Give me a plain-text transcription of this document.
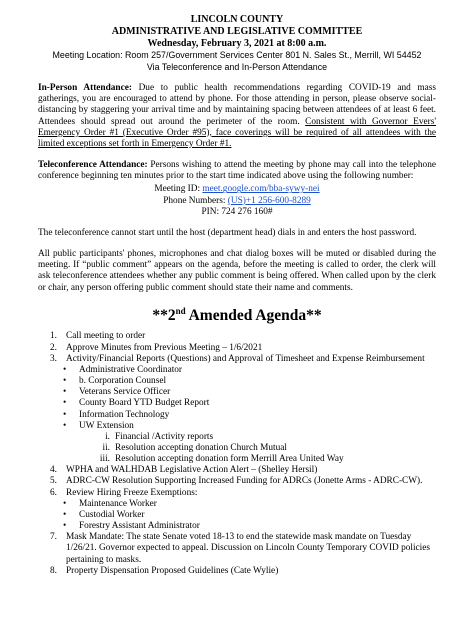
LINCOLN COUNTY
ADMINISTRATIVE AND LEGISLATIVE COMMITTEE
Wednesday, February 3, 2021 at 8:00 a.m.
Meeting Location: Room 257/Government Services Center 801 N. Sales St., Merrill, WI 54452
Via Teleconference and In-Person Attendance
In-Person Attendance: Due to public health recommendations regarding COVID-19 and mass gatherings, you are encouraged to attend by phone. For those attending in person, please observe social-distancing by staggering your arrival time and by maintaining spacing between attendees of at least 6 feet. Attendees should spread out around the perimeter of the room. Consistent with Governor Evers' Emergency Order #1 (Executive Order #95), face coverings will be required of all attendees with the limited exceptions set forth in Emergency Order #1.
Teleconference Attendance: Persons wishing to attend the meeting by phone may call into the telephone conference beginning ten minutes prior to the start time indicated above using the following number:
Meeting ID: meet.google.com/bba-sywy-nei
Phone Numbers: (US)+1 256-600-8289
PIN: 724 276 160#
The teleconference cannot start until the host (department head) dials in and enters the host password.
All public participants' phones, microphones and chat dialog boxes will be muted or disabled during the meeting. If “public comment” appears on the agenda, before the meeting is called to order, the clerk will ask teleconference attendees whether any public comment is being offered. When called upon by the clerk or chair, any person offering public comment should state their name and comments.
**2nd Amended Agenda**
1. Call meeting to order
2. Approve Minutes from Previous Meeting – 1/6/2021
3. Activity/Financial Reports (Questions) and Approval of Timesheet and Expense Reimbursement
• Administrative Coordinator
• b. Corporation Counsel
• Veterans Service Officer
• County Board YTD Budget Report
• Information Technology
• UW Extension
i. Financial /Activity reports
ii. Resolution accepting donation Church Mutual
iii. Resolution accepting donation form Merrill Area United Way
4. WPHA and WALHDAB Legislative Action Alert – (Shelley Hersil)
5. ADRC-CW Resolution Supporting Increased Funding for ADRCs (Jonette Arms - ADRC-CW).
6. Review Hiring Freeze Exemptions:
• Maintenance Worker
• Custodial Worker
• Forestry Assistant Administrator
7. Mask Mandate: The state Senate voted 18-13 to end the statewide mask mandate on Tuesday 1/26/21. Governor expected to appeal. Discussion on Lincoln County Temporary COVID policies pertaining to masks.
8. Property Dispensation Proposed Guidelines (Cate Wylie)
